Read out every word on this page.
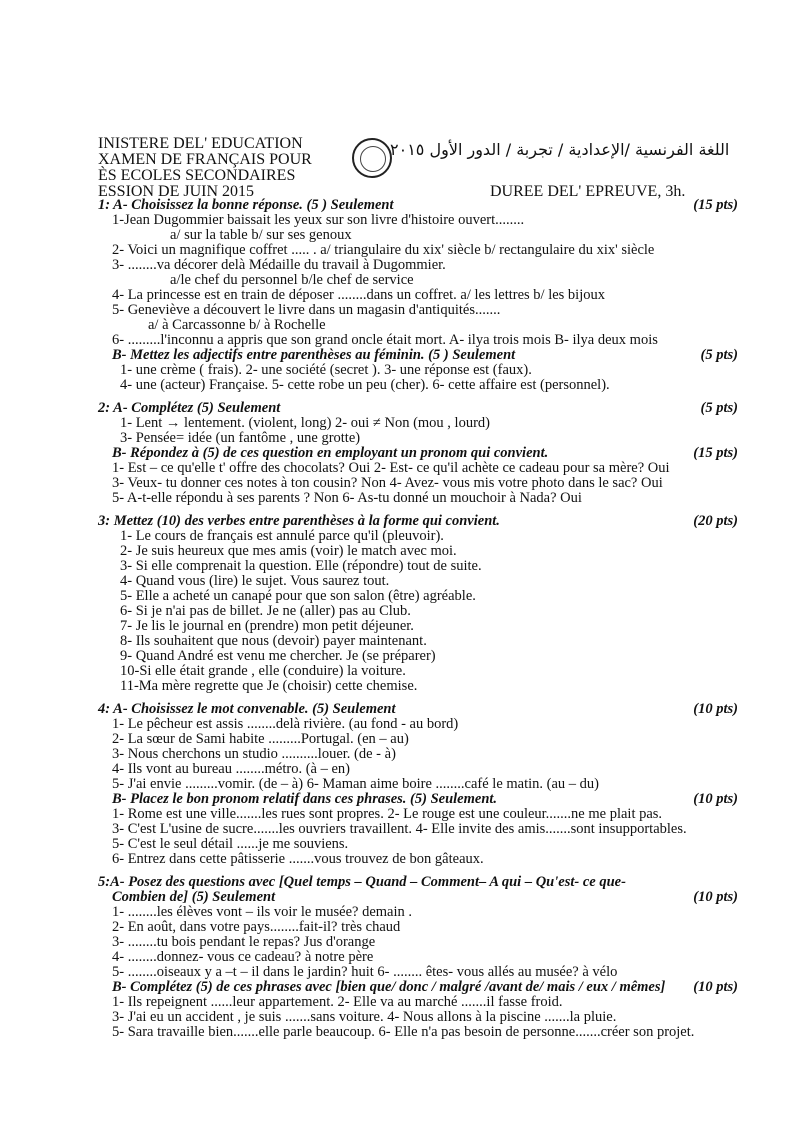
INISTERE DEL' EDUCATION
XAMEN DE FRANÇAIS POUR
ÈS ECOLES SECONDAIRES
ESSION DE JUIN 2015
اللغة الفرنسية /الإعدادية / تجربة / الدور الأول ٢٠١٥
DUREE DEL' EPREUVE, 3h.
1: A- Choisissez la bonne réponse. (5 ) Seulement	(15 pts)
1-Jean Dugommier baissait les yeux sur son livre d'histoire ouvert........
a/ sur la table b/ sur ses genoux
2- Voici un magnifique coffret ..... . a/ triangulaire du xix' siècle b/ rectangulaire du xix' siècle
3- ........va décorer delà Médaille du travail à Dugommier.
a/le chef du personnel b/le chef de service
4- La princesse est en train de déposer ........dans un coffret. a/ les lettres b/ les bijoux
5- Geneviève a découvert le livre dans un magasin d'antiquités.......
a/ à Carcassonne b/ à Rochelle
6- .........l'inconnu a appris que son grand oncle était mort. A- ilya trois mois B- ilya deux mois
B- Mettez les adjectifs entre parenthèses au féminin. (5 ) Seulement	(5 pts)
1- une crème ( frais). 2- une société (secret ). 3- une réponse est (faux).
4- une (acteur) Française. 5- cette robe un peu (cher). 6- cette affaire est (personnel).
2: A- Complétez (5) Seulement	(5 pts)
1- Lent → lentement. (violent, long) 2- oui ≠ Non (mou , lourd)
3- Pensée= idée (un fantôme , une grotte)
B- Répondez à (5) de ces question en employant un pronom qui convient.	(15 pts)
1- Est – ce qu'elle t' offre des chocolats? Oui 2- Est- ce qu'il achète ce cadeau pour sa mère? Oui
3- Veux- tu donner ces notes à ton cousin? Non 4- Avez- vous mis votre photo dans le sac? Oui
5- A-t-elle répondu à ses parents ? Non 6- As-tu donné un mouchoir à Nada? Oui
3: Mettez (10) des verbes entre parenthèses à la forme qui convient.	(20 pts)
1- Le cours de français est annulé parce qu'il (pleuvoir).
2- Je suis heureux que mes amis (voir) le match avec moi.
3- Si elle comprenait la question. Elle (répondre) tout de suite.
4- Quand vous (lire) le sujet. Vous saurez tout.
5- Elle a acheté un canapé pour que son salon (être) agréable.
6- Si je n'ai pas de billet. Je ne (aller) pas au Club.
7- Je lis le journal en (prendre) mon petit déjeuner.
8- Ils souhaitent que nous (devoir) payer maintenant.
9- Quand André est venu me chercher. Je (se préparer)
10-Si elle était grande , elle (conduire) la voiture.
11-Ma mère regrette que Je (choisir) cette chemise.
4: A- Choisissez le mot convenable. (5) Seulement	(10 pts)
1- Le pêcheur est assis ........delà rivière. (au fond - au bord)
2- La sœur de Sami habite .........Portugal. (en – au)
3- Nous cherchons un studio ..........louer. (de - à)
4- Ils vont au bureau ........métro. (à – en)
5- J'ai envie .........vomir. (de – à) 6- Maman aime boire ........café le matin. (au – du)
B- Placez le bon pronom relatif dans ces phrases. (5) Seulement.	(10 pts)
1- Rome est une ville.......les rues sont propres. 2- Le rouge est une couleur.......ne me plait pas.
3- C'est L'usine de sucre.......les ouvriers travaillent. 4- Elle invite des amis.......sont insupportables.
5- C'est le seul détail ......je me souviens.
6- Entrez dans cette pâtisserie .......vous trouvez de bon gâteaux.
5:A- Posez des questions avec [Quel temps – Quand – Comment– A qui – Qu'est- ce que-
Combien de] (5) Seulement	(10 pts)
1- ........les élèves vont – ils voir le musée? demain .
2- En août, dans votre pays........fait-il? très chaud
3- ........tu bois pendant le repas? Jus d'orange
4- ........donnez- vous ce cadeau? à notre père
5- ........oiseaux y a –t – il dans le jardin? huit 6- ........ êtes- vous allés au musée? à vélo
B- Complétez (5) de ces phrases avec [bien que/ donc / malgré /avant de/ mais / eux / mêmes] (10 pts)
1- Ils repeignent ......leur appartement. 2- Elle va au marché .......il fasse froid.
3- J'ai eu un accident , je suis .......sans voiture. 4- Nous allons à la piscine .......la pluie.
5- Sara travaille bien.......elle parle beaucoup. 6- Elle n'a pas besoin de personne.......créer son projet.
